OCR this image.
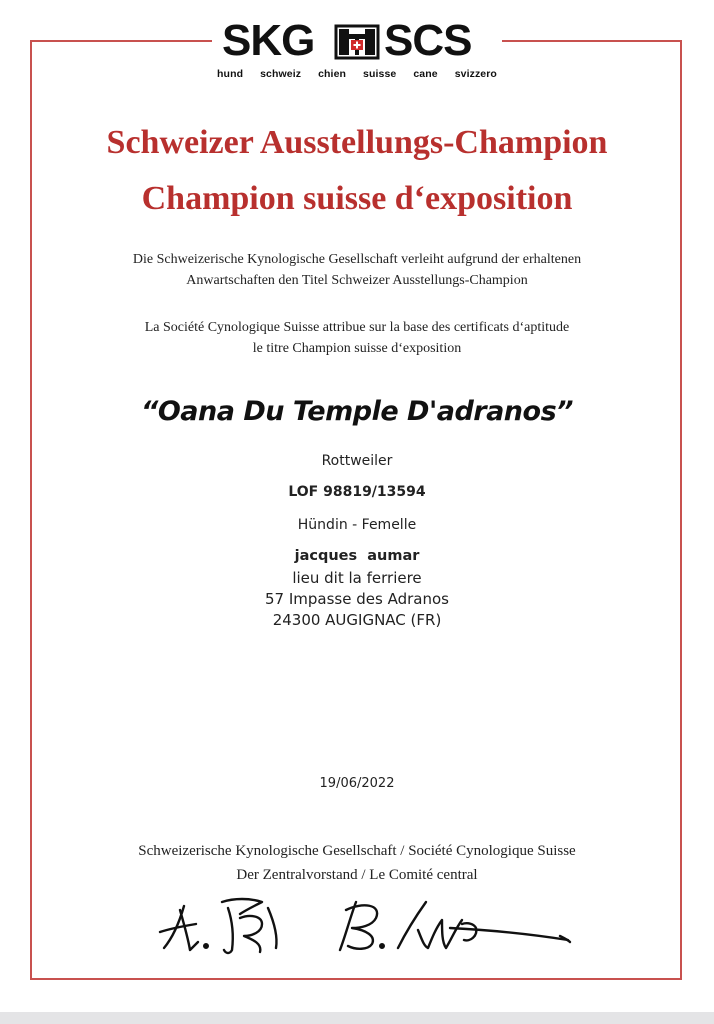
SKG SCS
hund schweiz chien suisse cane svizzero
Schweizer Ausstellungs-Champion
Champion suisse d‘exposition
Die Schweizerische Kynologische Gesellschaft verleiht aufgrund der erhaltenen
Anwartschaften den Titel Schweizer Ausstellungs-Champion
La Société Cynologique Suisse attribue sur la base des certificats d‘aptitude
le titre Champion suisse d‘exposition
“Oana Du Temple D'adranos”
Rottweiler
LOF 98819/13594
Hündin - Femelle
jacques  aumar
lieu dit la ferriere
57 Impasse des Adranos
24300 AUGIGNAC (FR)
19/06/2022
Schweizerische Kynologische Gesellschaft / Société Cynologique Suisse
Der Zentralvorstand / Le Comité central
